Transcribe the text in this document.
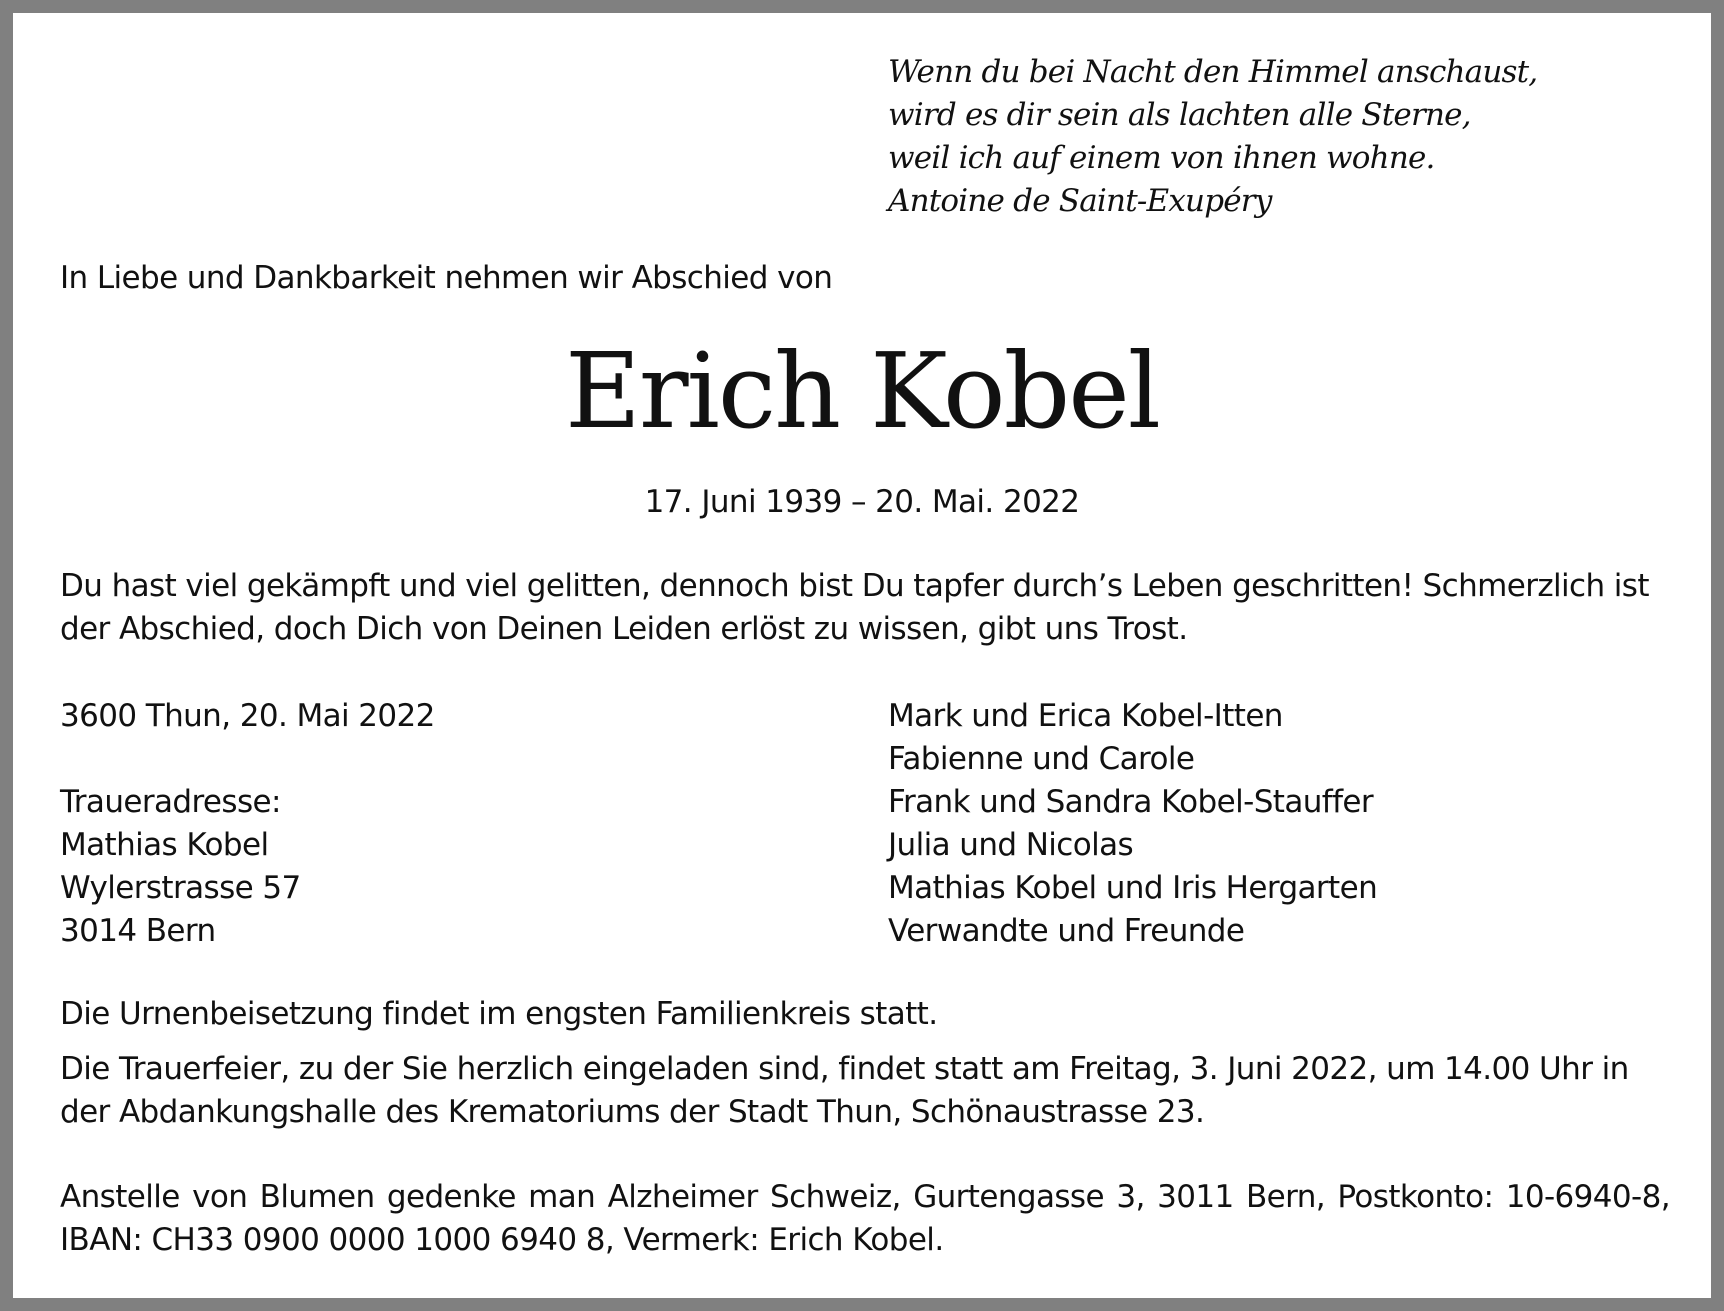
Wenn du bei Nacht den Himmel anschaust,
wird es dir sein als lachten alle Sterne,
weil ich auf einem von ihnen wohne.
Antoine de Saint-Exupéry
In Liebe und Dankbarkeit nehmen wir Abschied von
Erich Kobel
17. Juni 1939 – 20. Mai. 2022
Du hast viel gekämpft und viel gelitten, dennoch bist Du tapfer durch’s Leben geschritten! Schmerzlich ist der Abschied, doch Dich von Deinen Leiden erlöst zu wissen, gibt uns Trost.
3600 Thun, 20. Mai 2022
Traueradresse:
Mathias Kobel
Wylerstrasse 57
3014 Bern
Mark und Erica Kobel-Itten
Fabienne und Carole
Frank und Sandra Kobel-Stauffer
Julia und Nicolas
Mathias Kobel und Iris Hergarten
Verwandte und Freunde
Die Urnenbeisetzung findet im engsten Familienkreis statt.
Die Trauerfeier, zu der Sie herzlich eingeladen sind, findet statt am Freitag, 3. Juni 2022, um 14.00 Uhr in der Abdankungshalle des Krematoriums der Stadt Thun, Schönaustrasse 23.
Anstelle von Blumen gedenke man Alzheimer Schweiz, Gurtengasse 3, 3011 Bern, Postkonto: 10-6940-8, IBAN: CH33 0900 0000 1000 6940 8, Vermerk: Erich Kobel.
